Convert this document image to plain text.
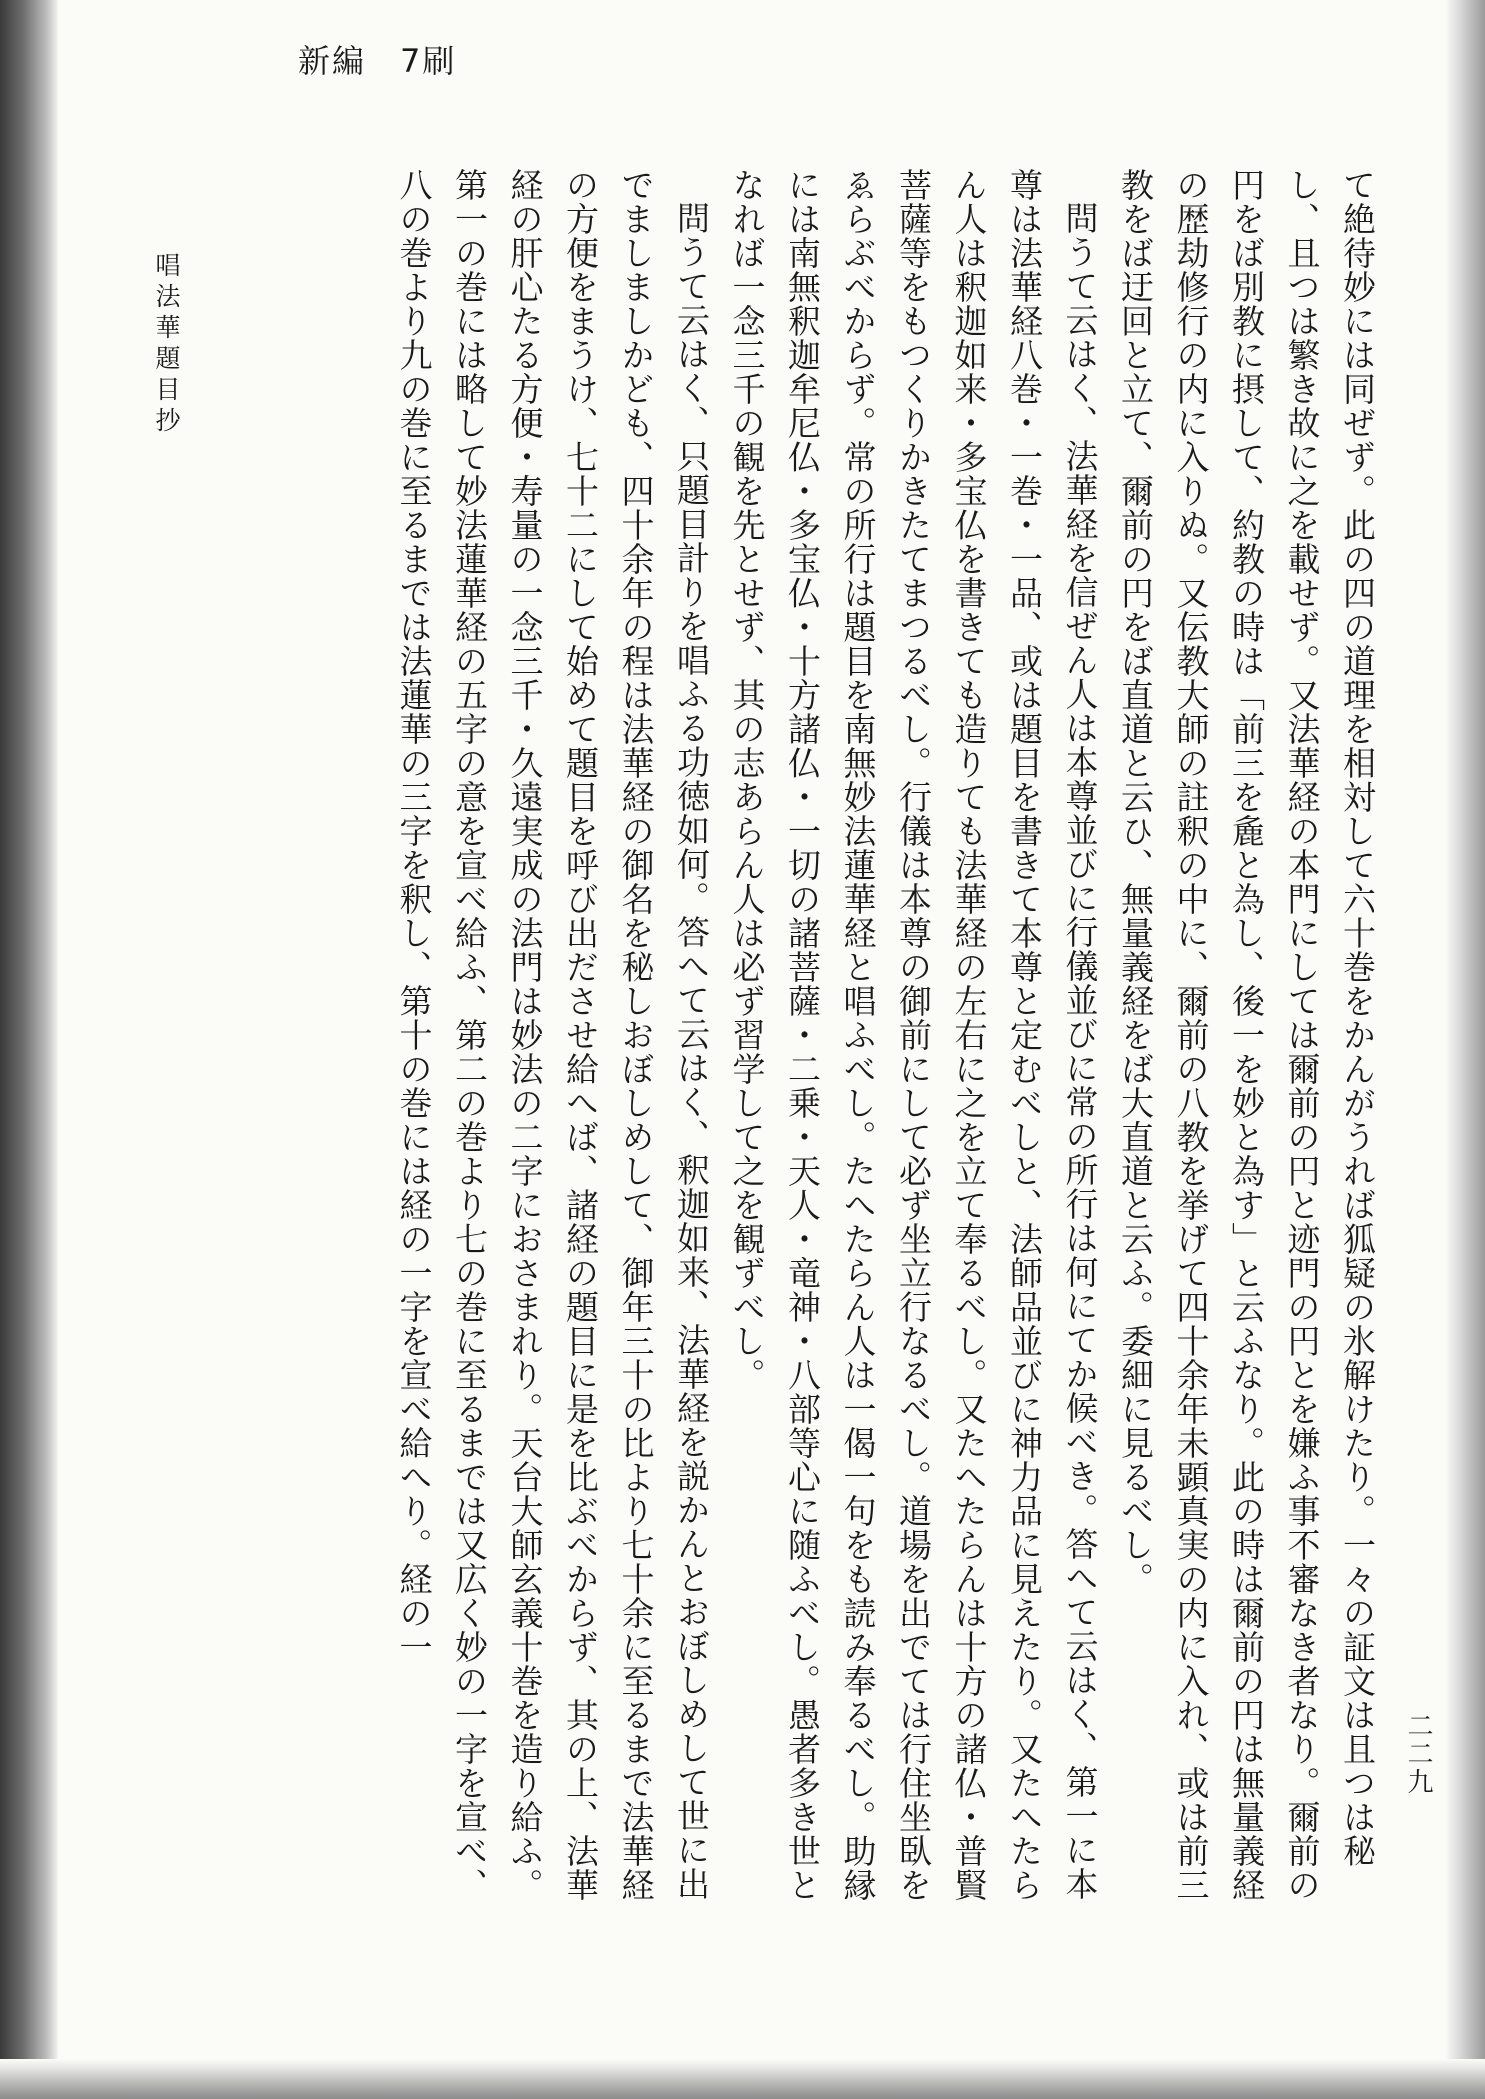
新編　7刷

て絶待妙には同ぜず。此の四の道理を相対して六十巻をかんがうれば狐疑の氷解けたり。一々の証文は且つは秘し、且つは繁き故に之を載せず。又法華経の本門にしては爾前の円と迹門の円とを嫌ふ事不審なき者なり。爾前の円をば別教に摂して、約教の時は「前三を麁と為し、後一を妙と為す」と云ふなり。此の時は爾前の円は無量義経の歴劫修行の内に入りぬ。又伝教大師の註釈の中に、爾前の八教を挙げて四十余年未顕真実の内に入れ、或は前三教をば迂回と立て、爾前の円をば直道と云ひ、無量義経をば大直道と云ふ。委細に見るべし。

問うて云はく、法華経を信ぜん人は本尊並びに行儀並びに常の所行は何にてか候べき。答へて云はく、第一に本尊は法華経八巻・一巻・一品、或は題目を書きて本尊と定むべしと、法師品並びに神力品に見えたり。又たへたらん人は釈迦如来・多宝仏を書きても造りても法華経の左右に之を立て奉るべし。又たへたらんは十方の諸仏・普賢菩薩等をもつくりかきたてまつるべし。行儀は本尊の御前にして必ず坐立行なるべし。道場を出でては行住坐臥をゑらぶべからず。常の所行は題目を南無妙法蓮華経と唱ふべし。たへたらん人は一偈一句をも読み奉るべし。助縁には南無釈迦牟尼仏・多宝仏・十方諸仏・一切の諸菩薩・二乗・天人・竜神・八部等心に随ふべし。愚者多き世となれば一念三千の観を先とせず、其の志あらん人は必ず習学して之を観ずべし。

問うて云はく、只題目計りを唱ふる功徳如何。答へて云はく、釈迦如来、法華経を説かんとおぼしめして世に出でましましかども、四十余年の程は法華経の御名を秘しおぼしめして、御年三十の比より七十余に至るまで法華経の方便をまうけ、七十二にして始めて題目を呼び出ださせ給へば、諸経の題目に是を比ぶべからず、其の上、法華経の肝心たる方便・寿量の一念三千・久遠実成の法門は妙法の二字におさまれり。天台大師玄義十巻を造り給ふ。第一の巻には略して妙法蓮華経の五字の意を宣べ給ふ、第二の巻より七の巻に至るまでは又広く妙の一字を宣べ、八の巻より九の巻に至るまでは法蓮華の三字を釈し、第十の巻には経の一字を宣べ給へり。経の一

唱法華題目抄
二二九
